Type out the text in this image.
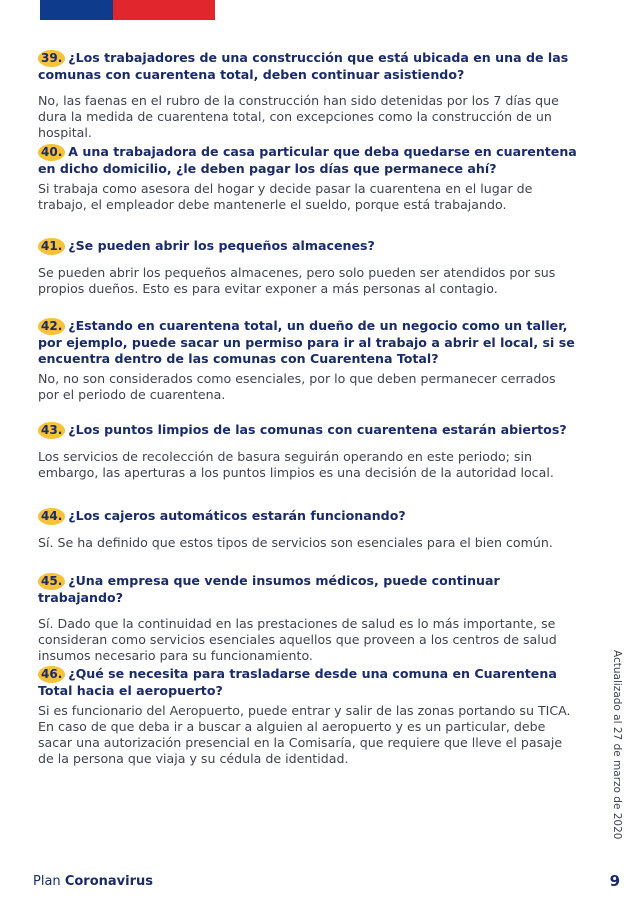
39. ¿Los trabajadores de una construcción que está ubicada en una de las comunas con cuarentena total, deben continuar asistiendo?

No, las faenas en el rubro de la construcción han sido detenidas por los 7 días que dura la medida de cuarentena total, con excepciones como la construcción de un hospital.

40. A una trabajadora de casa particular que deba quedarse en cuarentena en dicho domicilio, ¿le deben pagar los días que permanece ahí?

Si trabaja como asesora del hogar y decide pasar la cuarentena en el lugar de trabajo, el empleador debe mantenerle el sueldo, porque está trabajando.

41. ¿Se pueden abrir los pequeños almacenes?

Se pueden abrir los pequeños almacenes, pero solo pueden ser atendidos por sus propios dueños. Esto es para evitar exponer a más personas al contagio.

42. ¿Estando en cuarentena total, un dueño de un negocio como un taller, por ejemplo, puede sacar un permiso para ir al trabajo a abrir el local, si se encuentra dentro de las comunas con Cuarentena Total?

No, no son considerados como esenciales, por lo que deben permanecer cerrados por el periodo de cuarentena.

43. ¿Los puntos limpios de las comunas con cuarentena estarán abiertos?

Los servicios de recolección de basura seguirán operando en este periodo; sin embargo, las aperturas a los puntos limpios es una decisión de la autoridad local.

44. ¿Los cajeros automáticos estarán funcionando?

Sí. Se ha definido que estos tipos de servicios son esenciales para el bien común.

45. ¿Una empresa que vende insumos médicos, puede continuar trabajando?

Sí. Dado que la continuidad en las prestaciones de salud es lo más importante, se consideran como servicios esenciales aquellos que proveen a los centros de salud insumos necesario para su funcionamiento.

46. ¿Qué se necesita para trasladarse desde una comuna en Cuarentena Total hacia el aeropuerto?

Si es funcionario del Aeropuerto, puede entrar y salir de las zonas portando su TICA. En caso de que deba ir a buscar a alguien al aeropuerto y es un particular, debe sacar una autorización presencial en la Comisaría, que requiere que lleve el pasaje de la persona que viaja y su cédula de identidad.	Actualizado al 27 de marzo de 2020
Plan Coronavirus	9
